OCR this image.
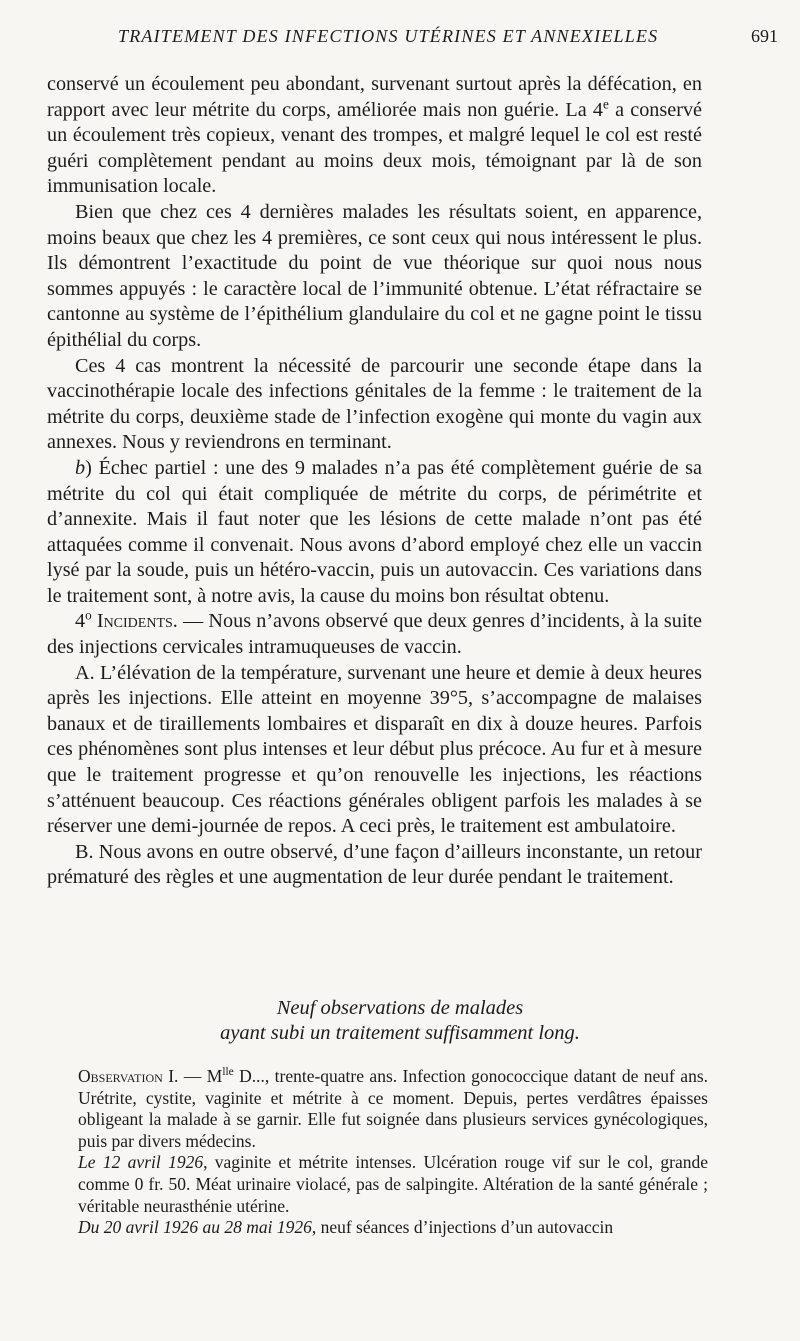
TRAITEMENT DES INFECTIONS UTÉRINES ET ANNEXIELLES	691

conservé un écoulement peu abondant, survenant surtout après la défécation, en rapport avec leur métrite du corps, améliorée mais non guérie. La 4e a conservé un écoulement très copieux, venant des trompes, et malgré lequel le col est resté guéri complètement pendant au moins deux mois, témoignant par là de son immunisation locale.

Bien que chez ces 4 dernières malades les résultats soient, en apparence, moins beaux que chez les 4 premières, ce sont ceux qui nous intéressent le plus. Ils démontrent l’exactitude du point de vue théorique sur quoi nous nous sommes appuyés : le caractère local de l’immunité obtenue. L’état réfractaire se cantonne au système de l’épithélium glandulaire du col et ne gagne point le tissu épithélial du corps.

Ces 4 cas montrent la nécessité de parcourir une seconde étape dans la vaccinothérapie locale des infections génitales de la femme : le traitement de la métrite du corps, deuxième stade de l’infection exogène qui monte du vagin aux annexes. Nous y reviendrons en terminant.

b) Échec partiel : une des 9 malades n’a pas été complètement guérie de sa métrite du col qui était compliquée de métrite du corps, de périmétrite et d’annexite. Mais il faut noter que les lésions de cette malade n’ont pas été attaquées comme il convenait. Nous avons d’abord employé chez elle un vaccin lysé par la soude, puis un hétéro-vaccin, puis un autovaccin. Ces variations dans le traitement sont, à notre avis, la cause du moins bon résultat obtenu.

4$^o$ Incidents. — Nous n’avons observé que deux genres d’incidents, à la suite des injections cervicales intramuqueuses de vaccin.

A. L’élévation de la température, survenant une heure et demie à deux heures après les injections. Elle atteint en moyenne 39°5, s’accompagne de malaises banaux et de tiraillements lombaires et disparaît en dix à douze heures. Parfois ces phénomènes sont plus intenses et leur début plus précoce. Au fur et à mesure que le traitement progresse et qu’on renouvelle les injections, les réactions s’atténuent beaucoup. Ces réactions générales obligent parfois les malades à se réserver une demi-journée de repos. A ceci près, le traitement est ambulatoire.

B. Nous avons en outre observé, d’une façon d’ailleurs inconstante, un retour prématuré des règles et une augmentation de leur durée pendant le traitement.

Neuf observations de malades
ayant subi un traitement suffisamment long.

Observation I. — $M^{lle}$ D..., trente-quatre ans. Infection gonococcique datant de neuf ans. Urétrite, cystite, vaginite et métrite à ce moment. Depuis, pertes verdâtres épaisses obligeant la malade à se garnir. Elle fut soignée dans plusieurs services gynécologiques, puis par divers médecins.

Le 12 avril 1926, vaginite et métrite intenses. Ulcération rouge vif sur le col, grande comme 0 fr. 50. Méat urinaire violacé, pas de salpingite. Altération de la santé générale ; véritable neurasthénie utérine.

Du 20 avril 1926 au 28 mai 1926, neuf séances d’injections d’un autovaccin
